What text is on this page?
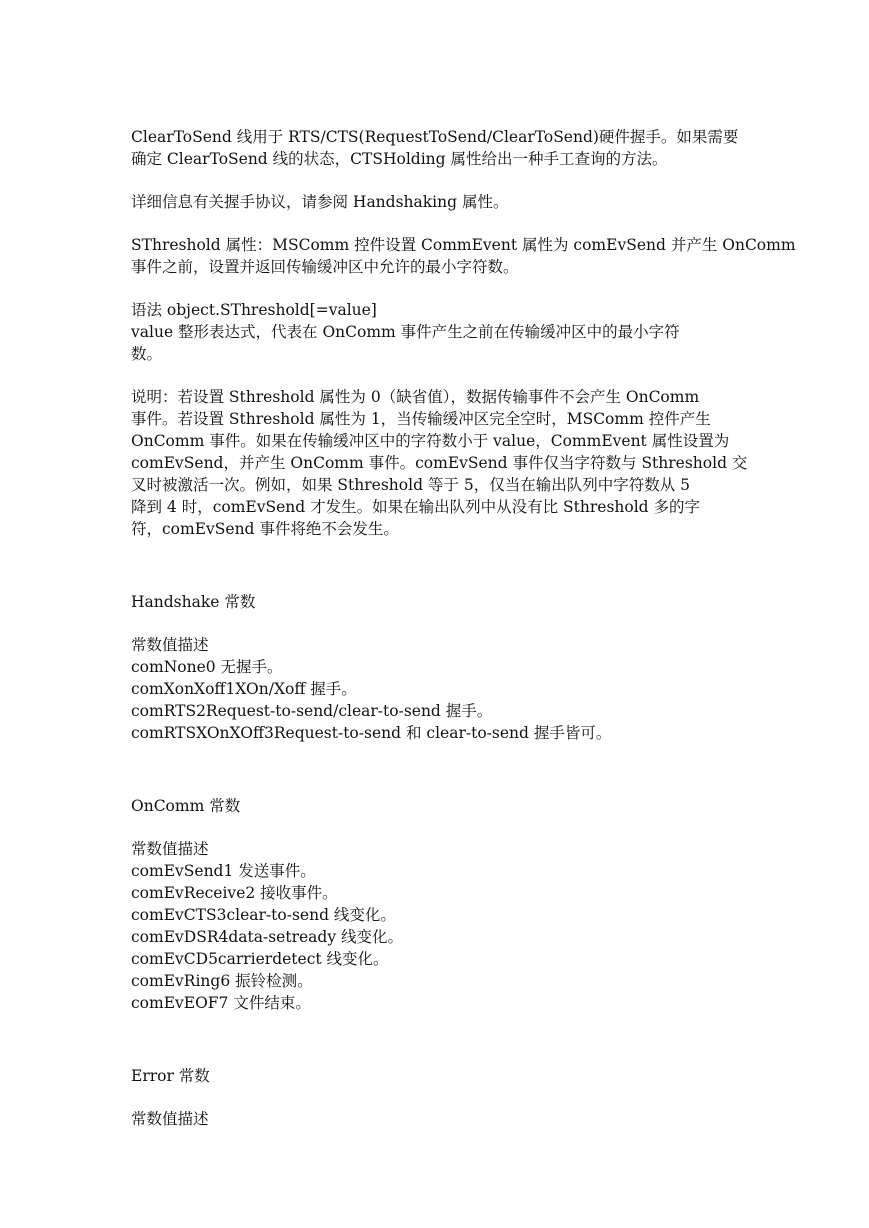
ClearToSend 线用于 RTS/CTS(RequestToSend/ClearToSend)硬件握手。如果需要
确定 ClearToSend 线的状态，CTSHolding 属性给出一种手工查询的方法。
详细信息有关握手协议，请参阅 Handshaking 属性。
SThreshold 属性：MSComm 控件设置 CommEvent 属性为 comEvSend 并产生 OnComm
事件之前，设置并返回传输缓冲区中允许的最小字符数。
语法 object.SThreshold[=value]
value 整形表达式，代表在 OnComm 事件产生之前在传输缓冲区中的最小字符
数。
说明：若设置 Sthreshold 属性为 0（缺省值），数据传输事件不会产生 OnComm
事件。若设置 Sthreshold 属性为 1，当传输缓冲区完全空时，MSComm 控件产生
OnComm 事件。如果在传输缓冲区中的字符数小于 value，CommEvent 属性设置为
comEvSend，并产生 OnComm 事件。comEvSend 事件仅当字符数与 Sthreshold 交
叉时被激活一次。例如，如果 Sthreshold 等于 5，仅当在输出队列中字符数从 5
降到 4 时，comEvSend 才发生。如果在输出队列中从没有比 Sthreshold 多的字
符，comEvSend 事件将绝不会发生。
Handshake 常数
常数值描述
comNone0 无握手。
comXonXoff1XOn/Xoff 握手。
comRTS2Request-to-send/clear-to-send 握手。
comRTSXOnXOff3Request-to-send 和 clear-to-send 握手皆可。
OnComm 常数
常数值描述
comEvSend1 发送事件。
comEvReceive2 接收事件。
comEvCTS3clear-to-send 线变化。
comEvDSR4data-setready 线变化。
comEvCD5carrierdetect 线变化。
comEvRing6 振铃检测。
comEvEOF7 文件结束。
Error 常数
常数值描述
